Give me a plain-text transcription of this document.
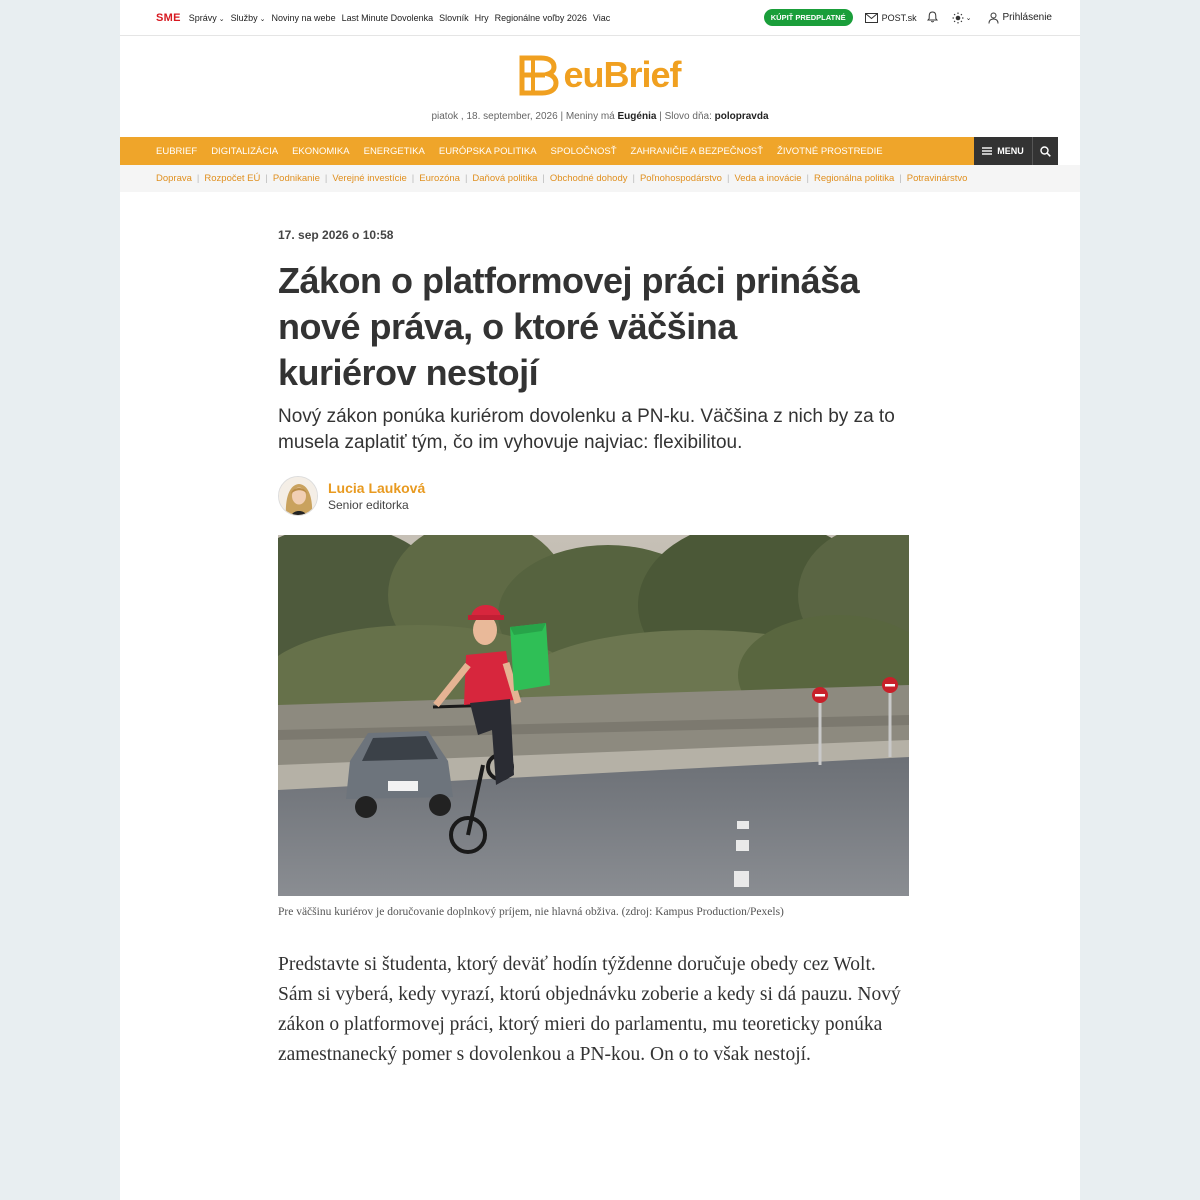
SME Správy ⌄ Služby ⌄ Noviny na webe Last Minute Dovolenka Slovník Hry Regionálne voľby 2026 Viac	KÚPIŤ PREDPLATNÉ	POST.sk	⌄	Prihlásenie
euBrief
piatok , 18. september, 2026 | Meniny má Eugénia | Slovo dňa: polopravda
EUBRIEF DIGITALIZÁCIA EKONOMIKA ENERGETIKA EURÓPSKA POLITIKA SPOLOČNOSŤ ZAHRANIČIE A BEZPEČNOSŤ ŽIVOTNÉ PROSTREDIE	MENU
Doprava | Rozpočet EÚ | Podnikanie | Verejné investície | Eurozóna | Daňová politika | Obchodné dohody | Poľnohospodárstvo | Veda a inovácie | Regionálna politika | Potravinárstvo
17. sep 2026 o 10:58
Zákon o platformovej práci prináša nové práva, o ktoré väčšina kuriérov nestojí

Nový zákon ponúka kuriérom dovolenku a PN-ku. Väčšina z nich by za to musela zaplatiť tým, čo im vyhovuje najviac: flexibilitou.

Lucia Lauková
Senior editorka
Pre väčšinu kuriérov je doručovanie doplnkový príjem, nie hlavná obživa. (zdroj: Kampus Production/Pexels)

Predstavte si študenta, ktorý deväť hodín týždenne doručuje obedy cez Wolt. Sám si vyberá, kedy vyrazí, ktorú objednávku zoberie a kedy si dá pauzu. Nový zákon o platformovej práci, ktorý mieri do parlamentu, mu teoreticky ponúka zamestnanecký pomer s dovolenkou a PN-kou. On o to však nestojí.
